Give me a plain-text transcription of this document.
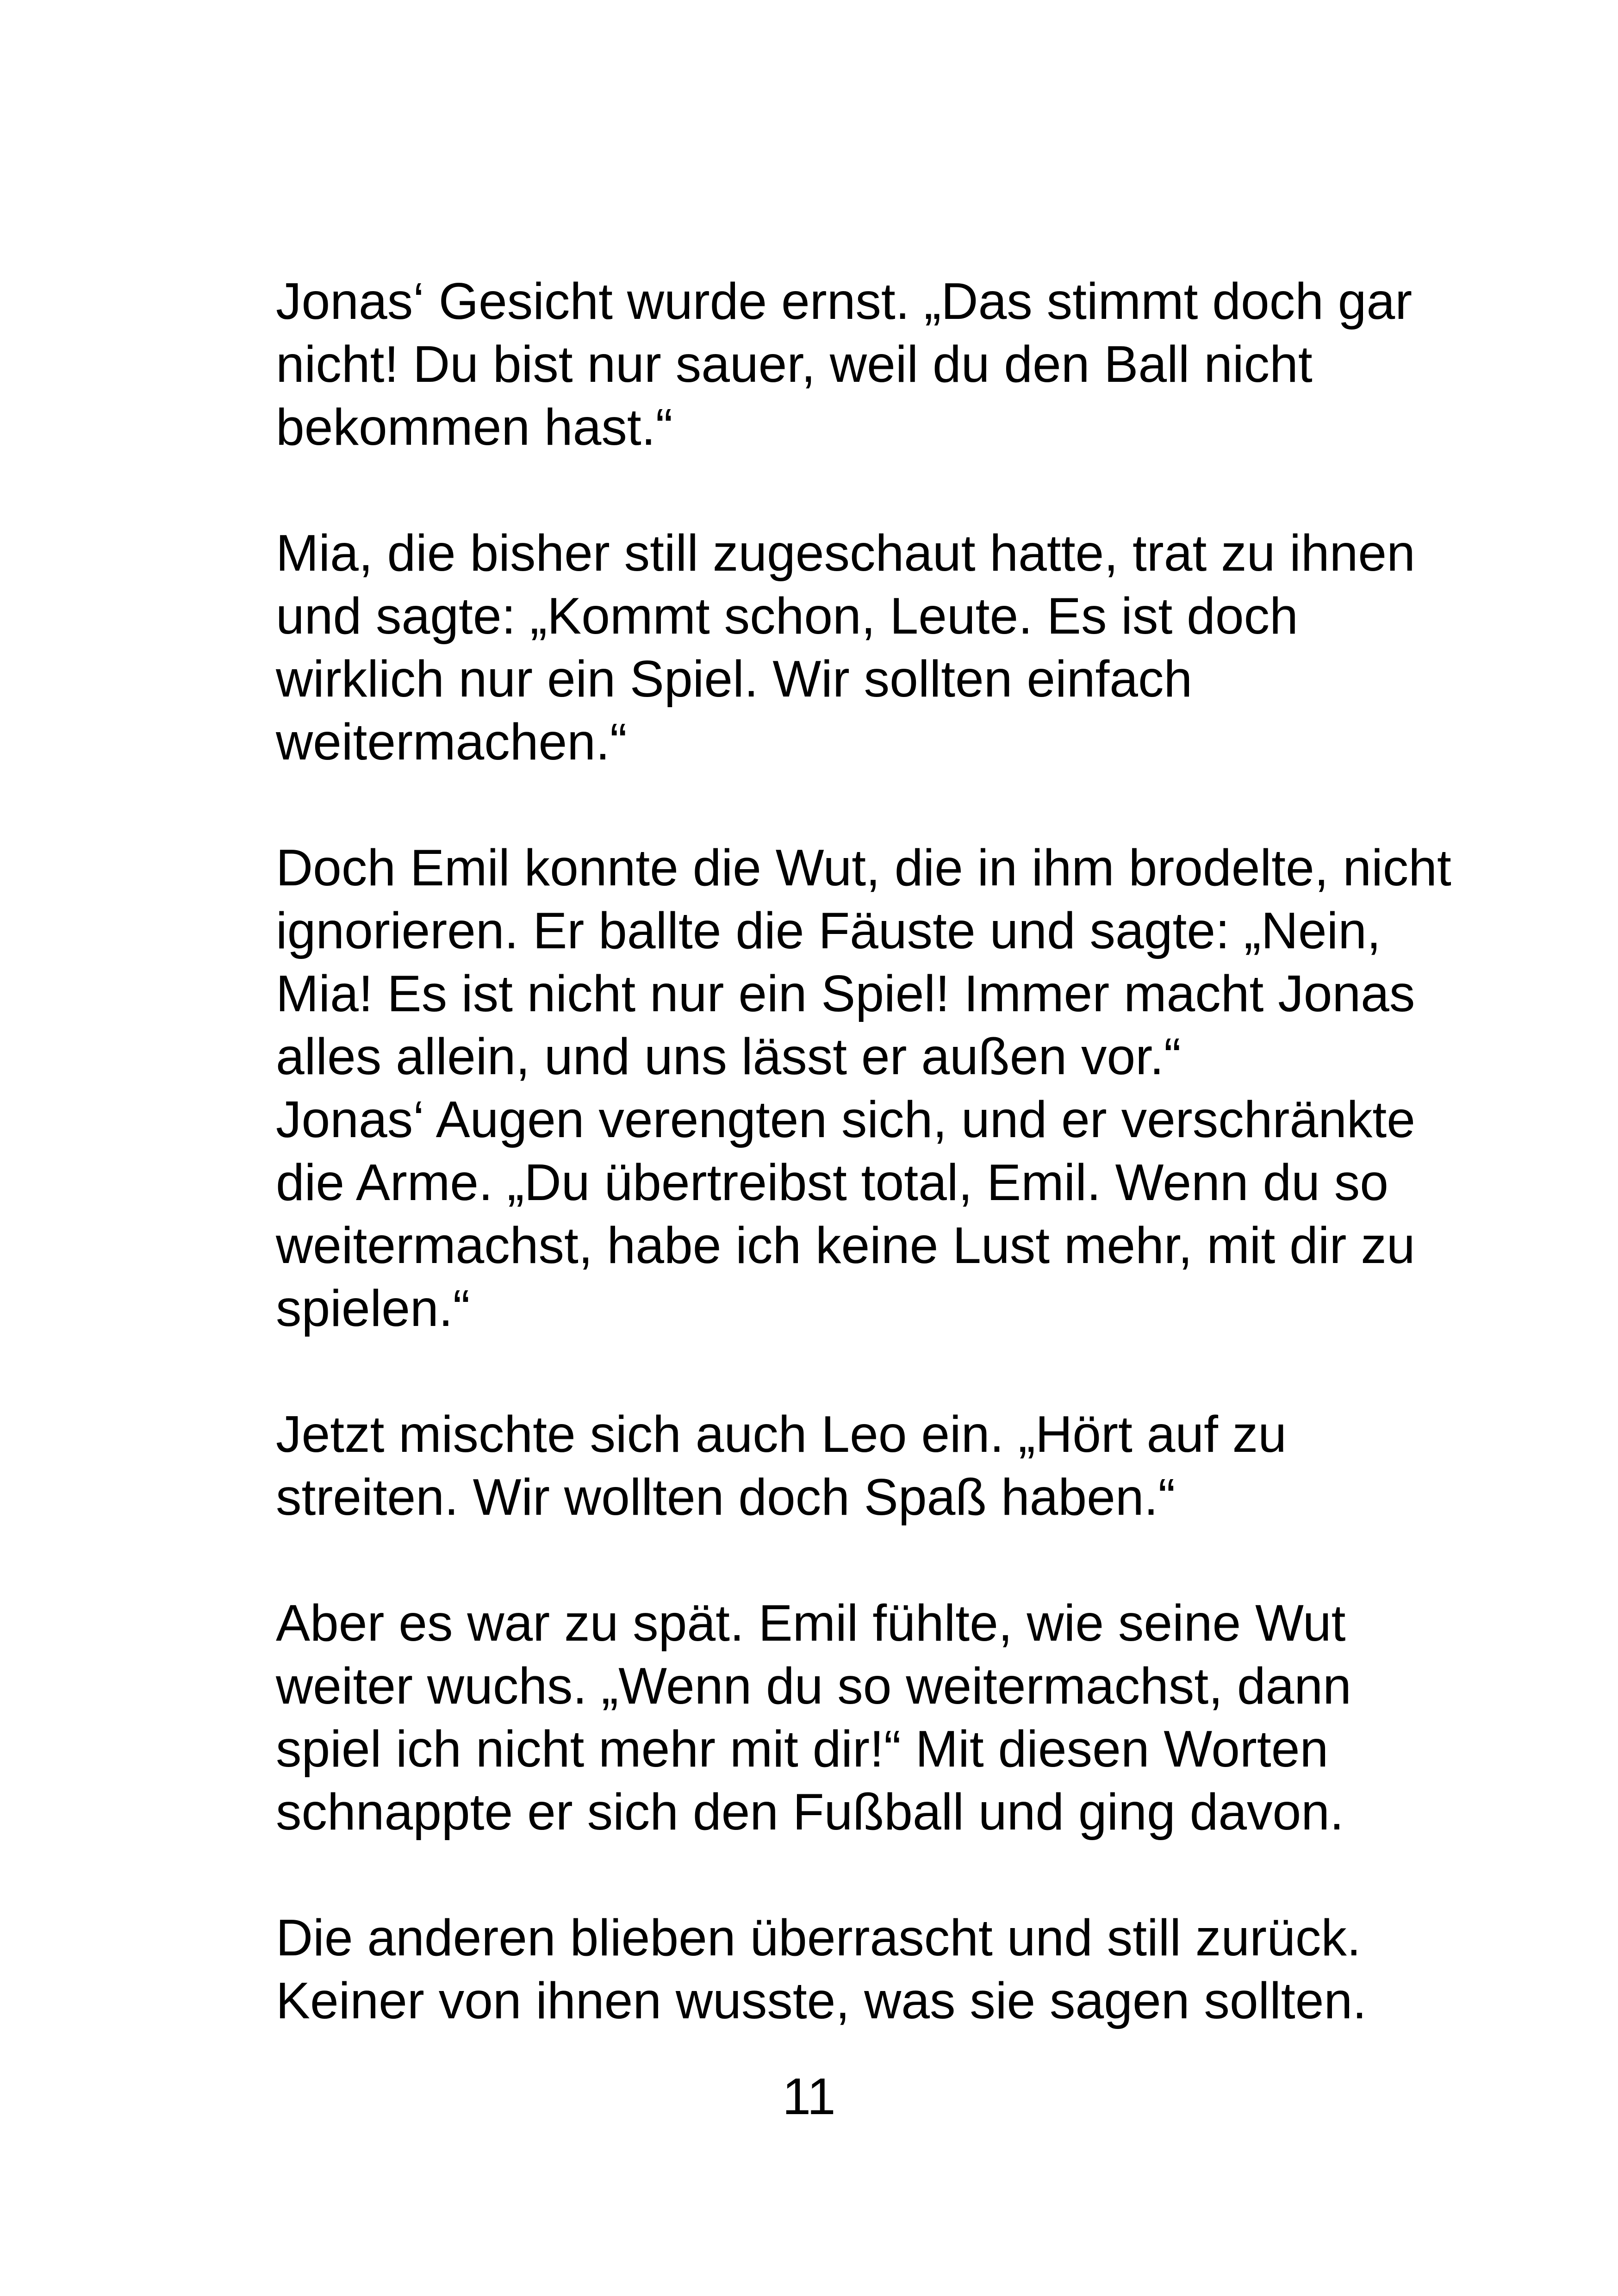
Jonas‘ Gesicht wurde ernst. „Das stimmt doch gar
nicht! Du bist nur sauer, weil du den Ball nicht
bekommen hast.“

Mia, die bisher still zugeschaut hatte, trat zu ihnen
und sagte: „Kommt schon, Leute. Es ist doch
wirklich nur ein Spiel. Wir sollten einfach
weitermachen.“

Doch Emil konnte die Wut, die in ihm brodelte, nicht
ignorieren. Er ballte die Fäuste und sagte: „Nein,
Mia! Es ist nicht nur ein Spiel! Immer macht Jonas
alles allein, und uns lässt er außen vor.“
Jonas‘ Augen verengten sich, und er verschränkte
die Arme. „Du übertreibst total, Emil. Wenn du so
weitermachst, habe ich keine Lust mehr, mit dir zu
spielen.“

Jetzt mischte sich auch Leo ein. „Hört auf zu
streiten. Wir wollten doch Spaß haben.“

Aber es war zu spät. Emil fühlte, wie seine Wut
weiter wuchs. „Wenn du so weitermachst, dann
spiel ich nicht mehr mit dir!“ Mit diesen Worten
schnappte er sich den Fußball und ging davon.

Die anderen blieben überrascht und still zurück.
Keiner von ihnen wusste, was sie sagen sollten.

11
